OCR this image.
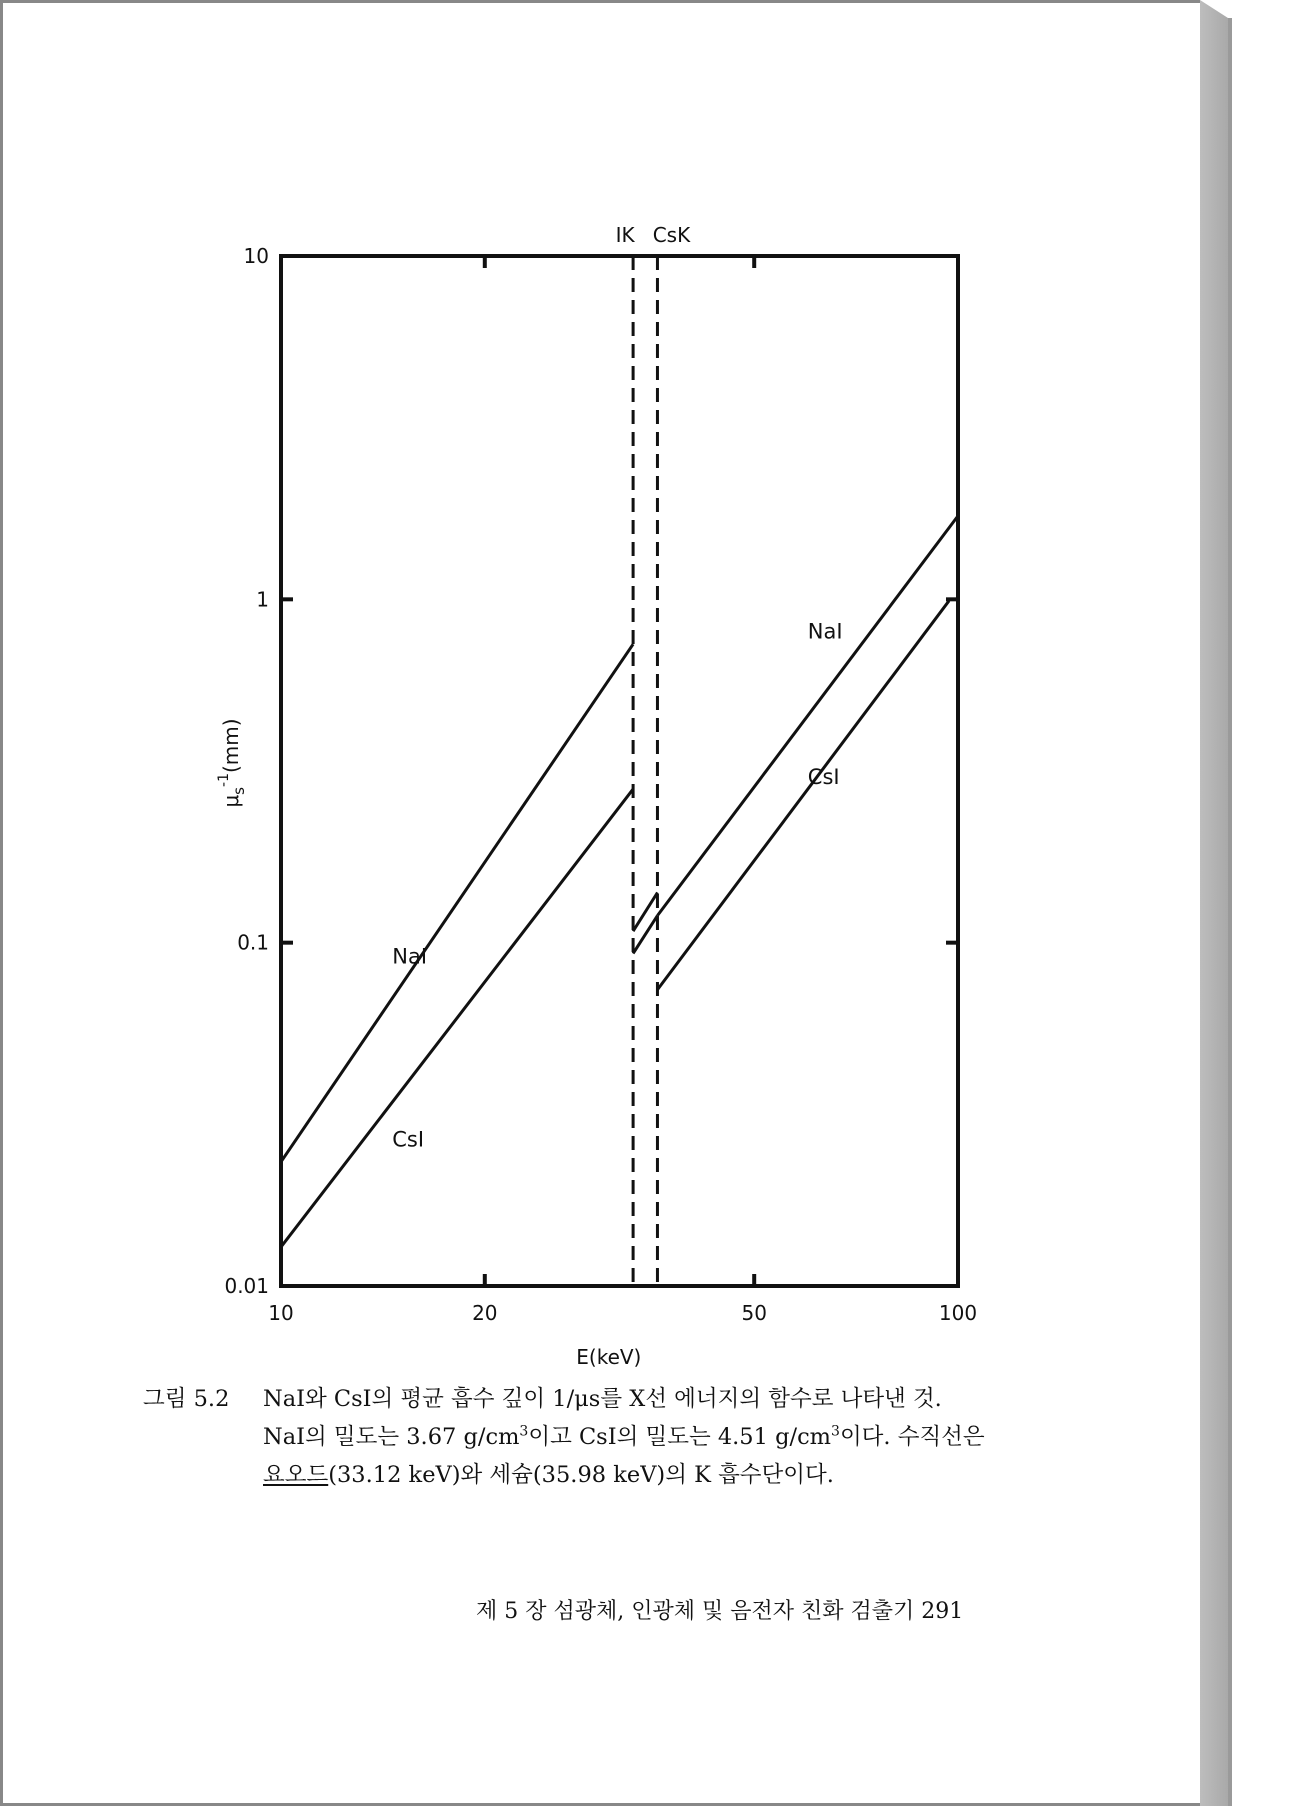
IK CsK
0.01
0.1
1
10
10	20	50	100
E(keV)
$\mu_s^{-1}(mm)$
NaI
CsI
NaI
CsI
그림 5.2 NaI와 CsI의 평균 흡수 깊이 1/μs를 X선 에너지의 함수로 나타낸 것.
NaI의 밀도는 3.67 $g/cm^3$이고 CsI의 밀도는 4.51 $g/cm^3$이다. 수직선은
요오드(33.12 keV)와 세슘(35.98 keV)의 K 흡수단이다.
제 5 장 섬광체, 인광체 및 음전자 친화 검출기 291
